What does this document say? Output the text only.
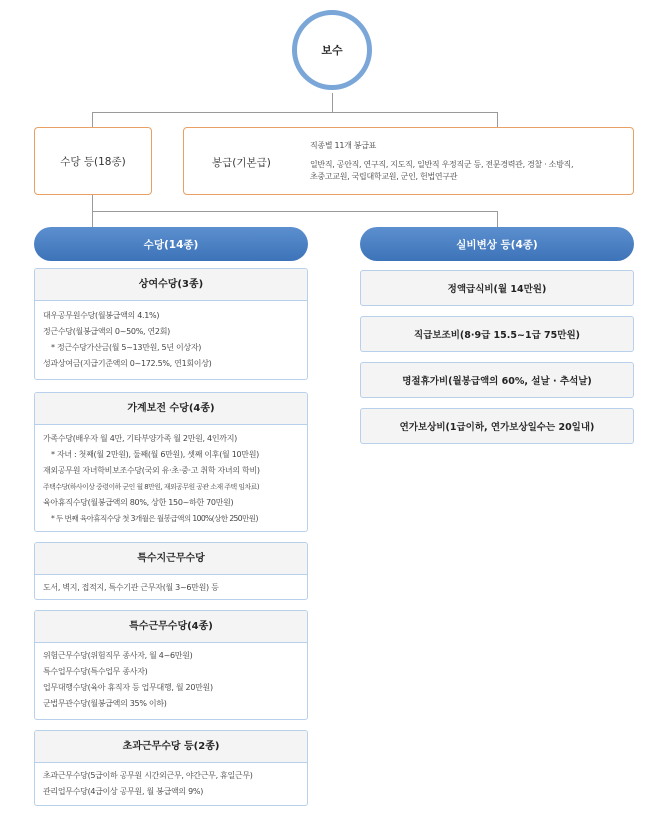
보수
수당 등(18종)	봉급(기본급)
직종별 11개 봉급표
일반직, 공안직, 연구직, 지도직, 일반직 우정직군 등, 전문경력관, 경찰 · 소방직,
초중고교원, 국립대학교원, 군인, 헌법연구관
수당(14종)	실비변상 등(4종)
상여수당(3종)
대우공무원수당(월봉급액의 4.1%)
정근수당(월봉급액의 0~50%, 연2회)
* 정근수당가산금(월 5~13만원, 5년 이상자)
성과상여금(지급기준액의 0~172.5%, 연1회이상)
가계보전 수당(4종)
가족수당(배우자 월 4만, 기타부양가족 월 2만원, 4인까지)
* 자녀 : 첫째(월 2만원), 둘째(월 6만원), 셋째 이후(월 10만원)
재외공무원 자녀학비보조수당(국외 유·초·중·고 취학 자녀의 학비)
주택수당(하사이상 중령이하 군인 월 8만원, 재외공무원 공관 소재 주택 임차료)
육아휴직수당(월봉급액의 80%, 상한 150~하한 70만원)
* 두 번째 육아휴직수당 첫 3개월은 월봉급액의 100%(상한 250만원)
특수지근무수당
도서, 벽지, 접적지, 특수기관 근무자(월 3~6만원) 등
특수근무수당(4종)
위험근무수당(위험직무 종사자, 월 4~6만원)
특수업무수당(특수업무 종사자)
업무대행수당(육아 휴직자 등 업무대행, 월 20만원)
군법무관수당(월봉급액의 35% 이하)
초과근무수당 등(2종)
초과근무수당(5급이하 공무원 시간외근무, 야간근무, 휴일근무)
관리업무수당(4급이상 공무원, 월 봉급액의 9%)
정액급식비(월 14만원)
직급보조비(8·9급 15.5~1급 75만원)
명절휴가비(월봉급액의 60%, 설날 · 추석날)
연가보상비(1급이하, 연가보상일수는 20일내)
